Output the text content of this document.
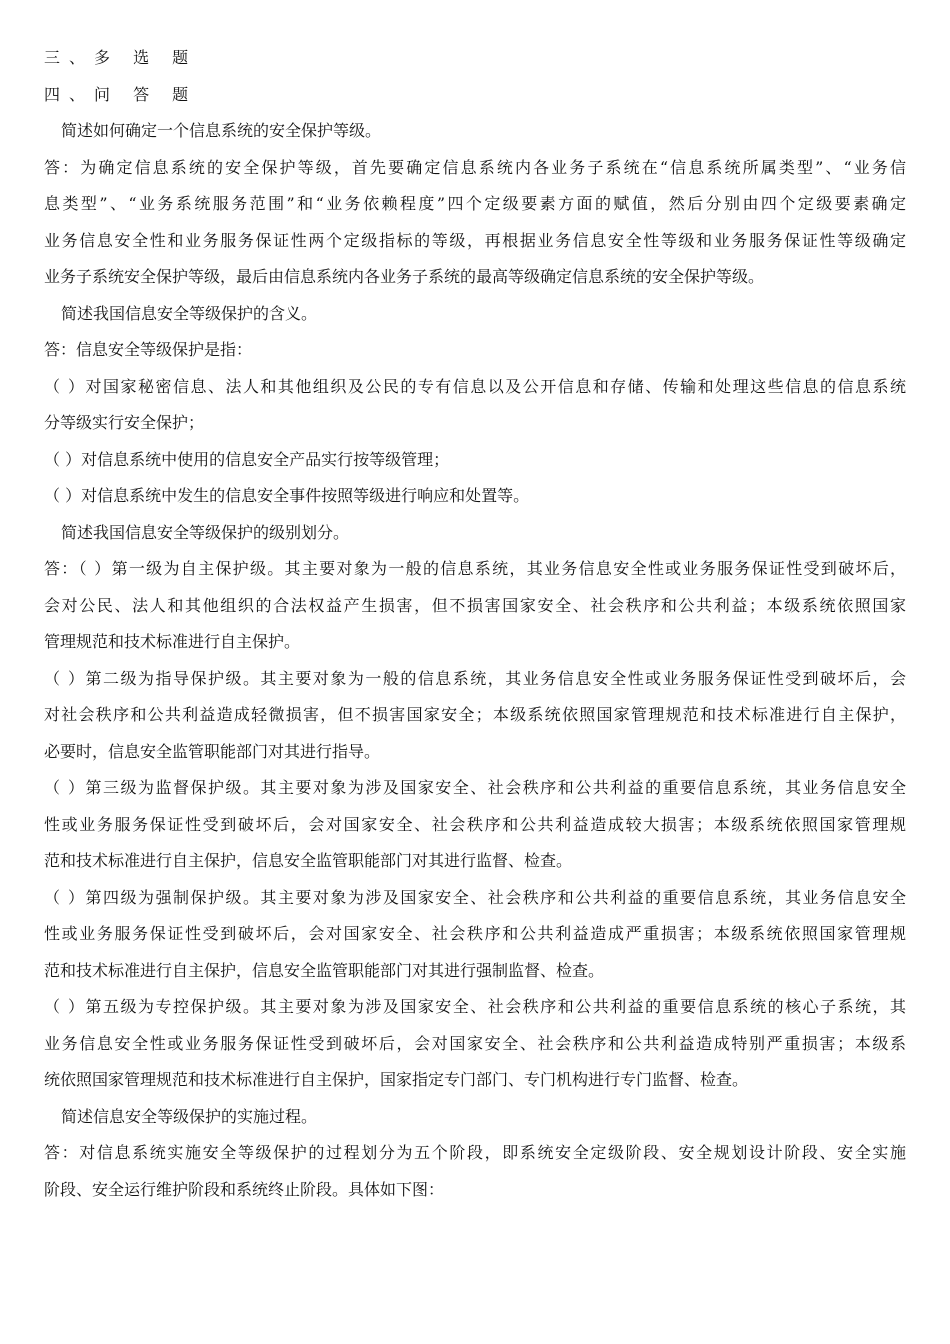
三、多 选 题
四、问 答 题
简述如何确定一个信息系统的安全保护等级。
答：为确定信息系统的安全保护等级，首先要确定信息系统内各业务子系统在“信息系统所属类型”、“业务信
息类型”、“业务系统服务范围”和“业务依赖程度”四个定级要素方面的赋值，然后分别由四个定级要素确定
业务信息安全性和业务服务保证性两个定级指标的等级，再根据业务信息安全性等级和业务服务保证性等级确定
业务子系统安全保护等级，最后由信息系统内各业务子系统的最高等级确定信息系统的安全保护等级。
简述我国信息安全等级保护的含义。
答：信息安全等级保护是指：
（ ）对国家秘密信息、法人和其他组织及公民的专有信息以及公开信息和存储、传输和处理这些信息的信息系统
分等级实行安全保护；
（ ）对信息系统中使用的信息安全产品实行按等级管理；
（ ）对信息系统中发生的信息安全事件按照等级进行响应和处置等。
简述我国信息安全等级保护的级别划分。
答：（ ）第一级为自主保护级。其主要对象为一般的信息系统，其业务信息安全性或业务服务保证性受到破坏后，
会对公民、法人和其他组织的合法权益产生损害，但不损害国家安全、社会秩序和公共利益；本级系统依照国家
管理规范和技术标准进行自主保护。
（ ）第二级为指导保护级。其主要对象为一般的信息系统，其业务信息安全性或业务服务保证性受到破坏后，会
对社会秩序和公共利益造成轻微损害，但不损害国家安全；本级系统依照国家管理规范和技术标准进行自主保护，
必要时，信息安全监管职能部门对其进行指导。
（ ）第三级为监督保护级。其主要对象为涉及国家安全、社会秩序和公共利益的重要信息系统，其业务信息安全
性或业务服务保证性受到破坏后，会对国家安全、社会秩序和公共利益造成较大损害；本级系统依照国家管理规
范和技术标准进行自主保护，信息安全监管职能部门对其进行监督、检查。
（ ）第四级为强制保护级。其主要对象为涉及国家安全、社会秩序和公共利益的重要信息系统，其业务信息安全
性或业务服务保证性受到破坏后，会对国家安全、社会秩序和公共利益造成严重损害；本级系统依照国家管理规
范和技术标准进行自主保护，信息安全监管职能部门对其进行强制监督、检查。
（ ）第五级为专控保护级。其主要对象为涉及国家安全、社会秩序和公共利益的重要信息系统的核心子系统，其
业务信息安全性或业务服务保证性受到破坏后，会对国家安全、社会秩序和公共利益造成特别严重损害；本级系
统依照国家管理规范和技术标准进行自主保护，国家指定专门部门、专门机构进行专门监督、检查。
简述信息安全等级保护的实施过程。
答：对信息系统实施安全等级保护的过程划分为五个阶段，即系统安全定级阶段、安全规划设计阶段、安全实施
阶段、安全运行维护阶段和系统终止阶段。具体如下图：
